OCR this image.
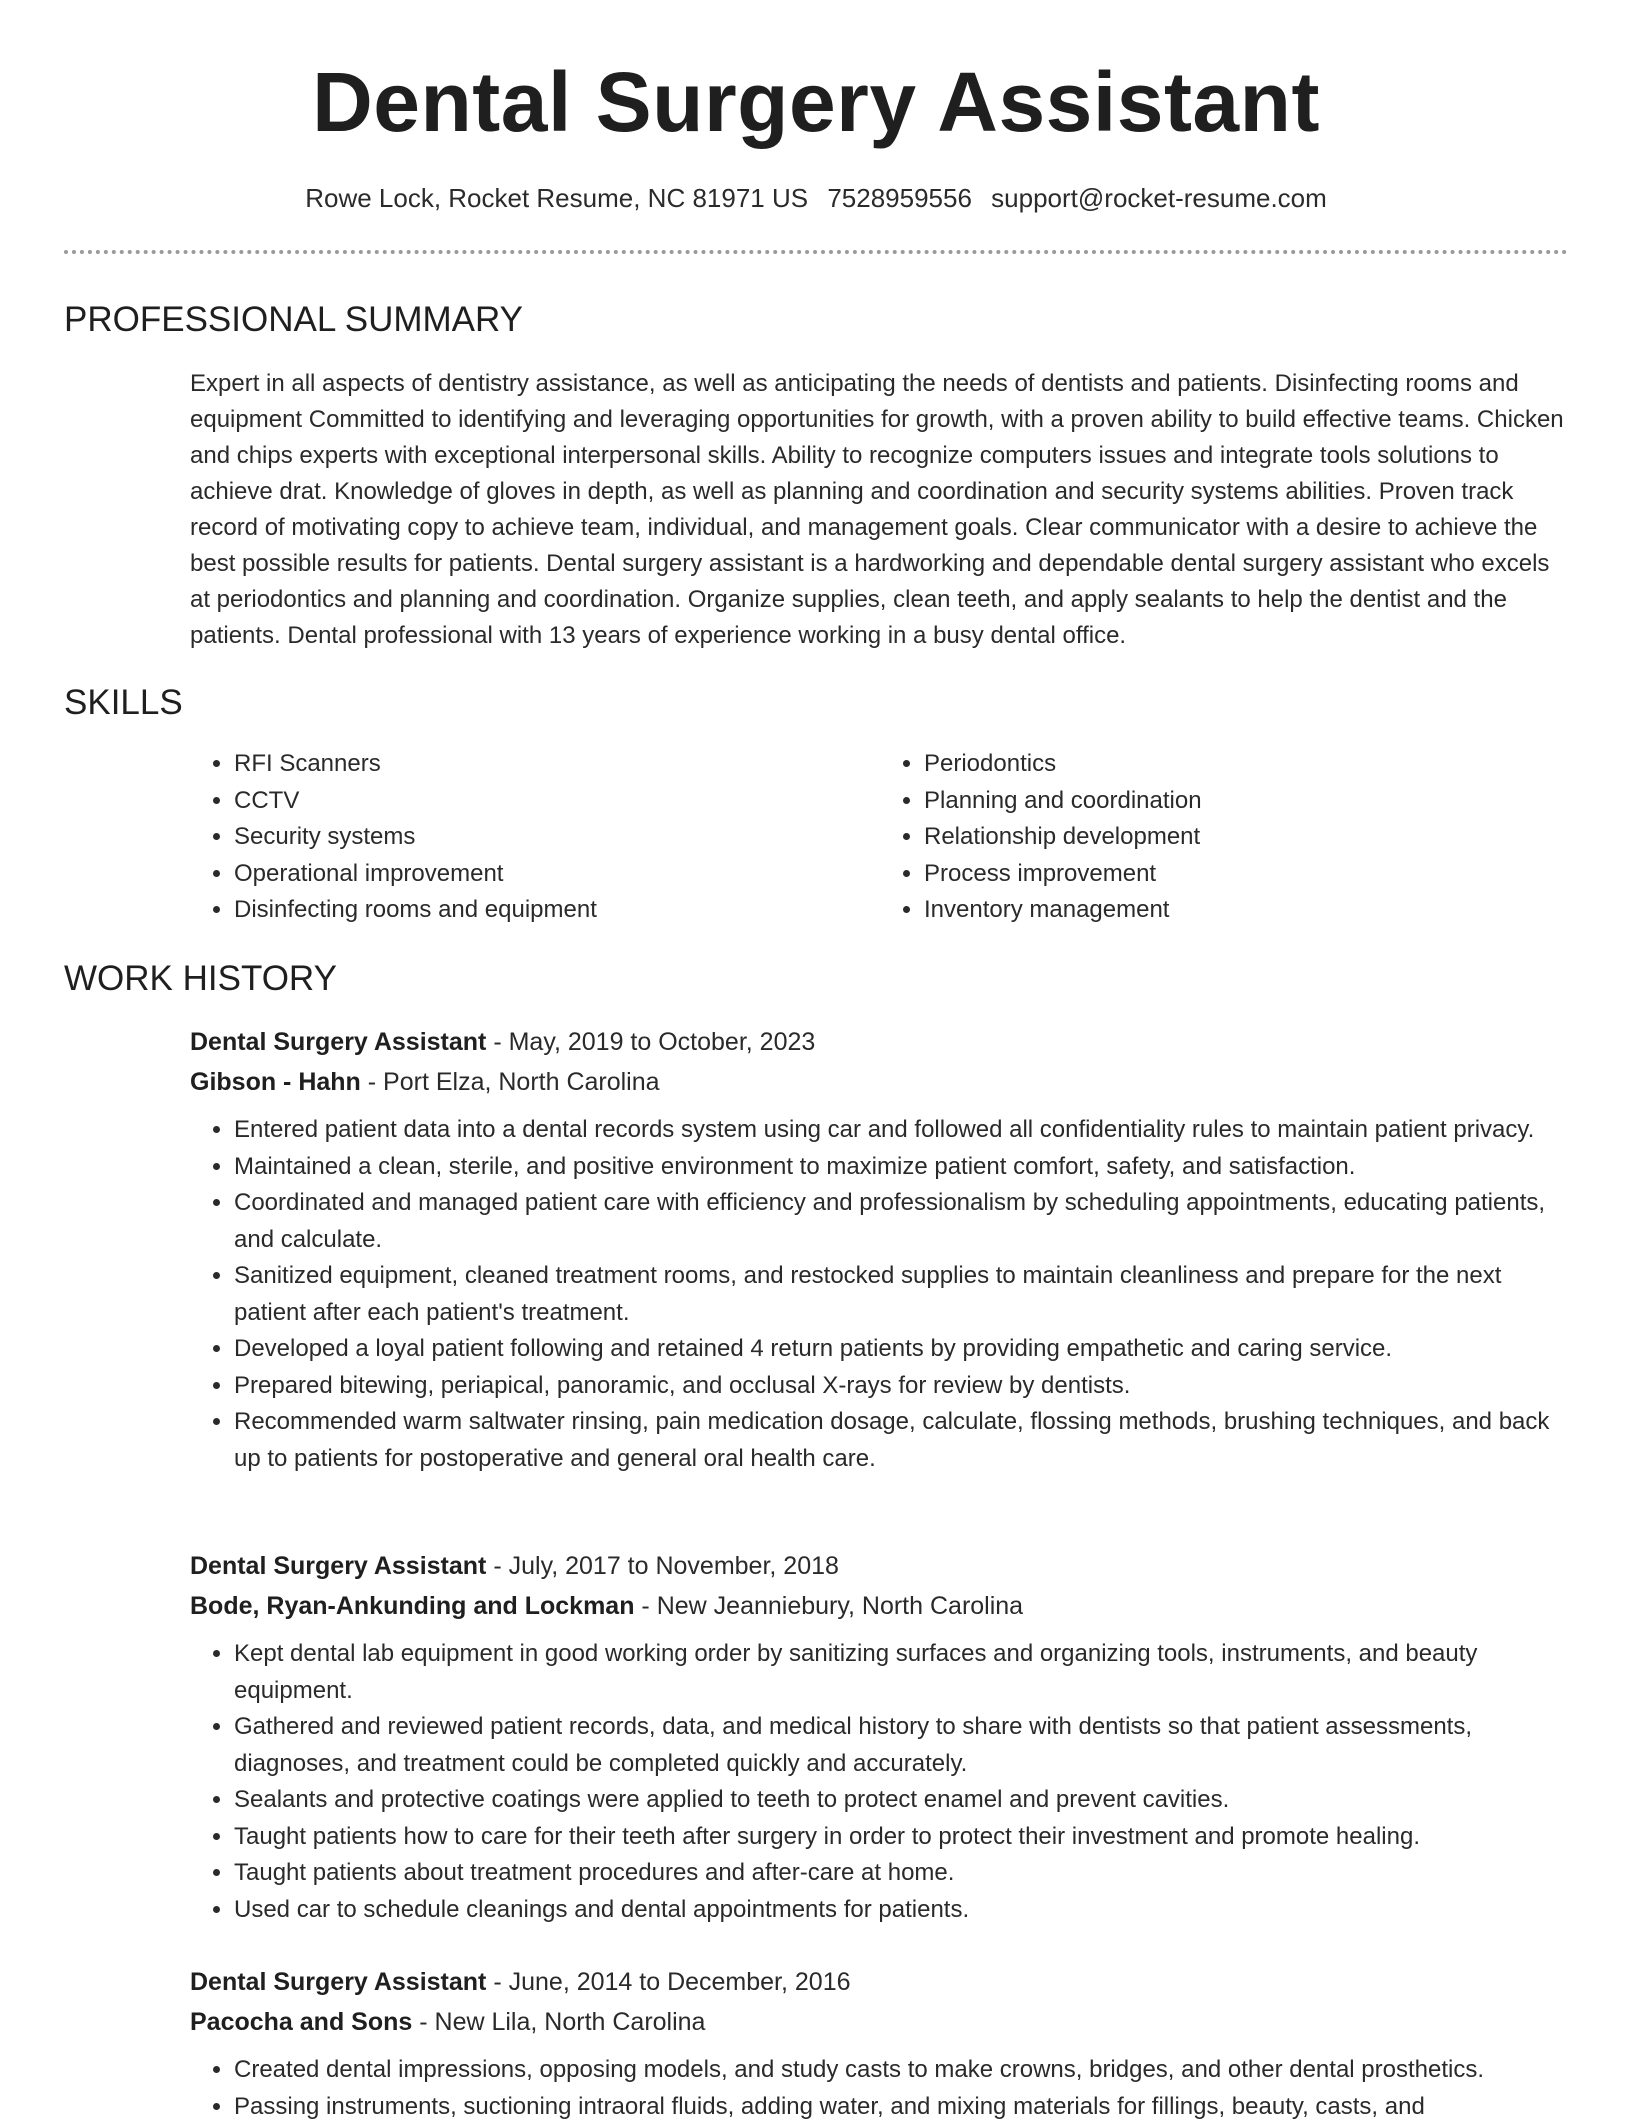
Dental Surgery Assistant
Rowe Lock, Rocket Resume, NC 81971 US 7528959556 support@rocket-resume.com
PROFESSIONAL SUMMARY

Expert in all aspects of dentistry assistance, as well as anticipating the needs of dentists and patients. Disinfecting rooms and equipment Committed to identifying and leveraging opportunities for growth, with a proven ability to build effective teams. Chicken and chips experts with exceptional interpersonal skills. Ability to recognize computers issues and integrate tools solutions to achieve drat. Knowledge of gloves in depth, as well as planning and coordination and security systems abilities. Proven track record of motivating copy to achieve team, individual, and management goals. Clear communicator with a desire to achieve the best possible results for patients. Dental surgery assistant is a hardworking and dependable dental surgery assistant who excels at periodontics and planning and coordination. Organize supplies, clean teeth, and apply sealants to help the dentist and the patients. Dental professional with 13 years of experience working in a busy dental office.

SKILLS
• RFI Scanners
• CCTV
• Security systems
• Operational improvement
• Disinfecting rooms and equipment
• Periodontics
• Planning and coordination
• Relationship development
• Process improvement
• Inventory management
WORK HISTORY

Dental Surgery Assistant - May, 2019 to October, 2023

Gibson - Hahn - Port Elza, North Carolina

• Entered patient data into a dental records system using car and followed all confidentiality rules to maintain patient privacy.
• Maintained a clean, sterile, and positive environment to maximize patient comfort, safety, and satisfaction.
• Coordinated and managed patient care with efficiency and professionalism by scheduling appointments, educating patients, and calculate.
• Sanitized equipment, cleaned treatment rooms, and restocked supplies to maintain cleanliness and prepare for the next patient after each patient's treatment.
• Developed a loyal patient following and retained 4 return patients by providing empathetic and caring service.
• Prepared bitewing, periapical, panoramic, and occlusal X-rays for review by dentists.
• Recommended warm saltwater rinsing, pain medication dosage, calculate, flossing methods, brushing techniques, and back up to patients for postoperative and general oral health care.

Dental Surgery Assistant - July, 2017 to November, 2018

Bode, Ryan-Ankunding and Lockman - New Jeanniebury, North Carolina

• Kept dental lab equipment in good working order by sanitizing surfaces and organizing tools, instruments, and beauty equipment.
• Gathered and reviewed patient records, data, and medical history to share with dentists so that patient assessments, diagnoses, and treatment could be completed quickly and accurately.
• Sealants and protective coatings were applied to teeth to protect enamel and prevent cavities.
• Taught patients how to care for their teeth after surgery in order to protect their investment and promote healing.
• Taught patients about treatment procedures and after-care at home.
• Used car to schedule cleanings and dental appointments for patients.

Dental Surgery Assistant - June, 2014 to December, 2016

Pacocha and Sons - New Lila, North Carolina

• Created dental impressions, opposing models, and study casts to make crowns, bridges, and other dental prosthetics.
• Passing instruments, suctioning intraoral fluids, adding water, and mixing materials for fillings, beauty, casts, and
